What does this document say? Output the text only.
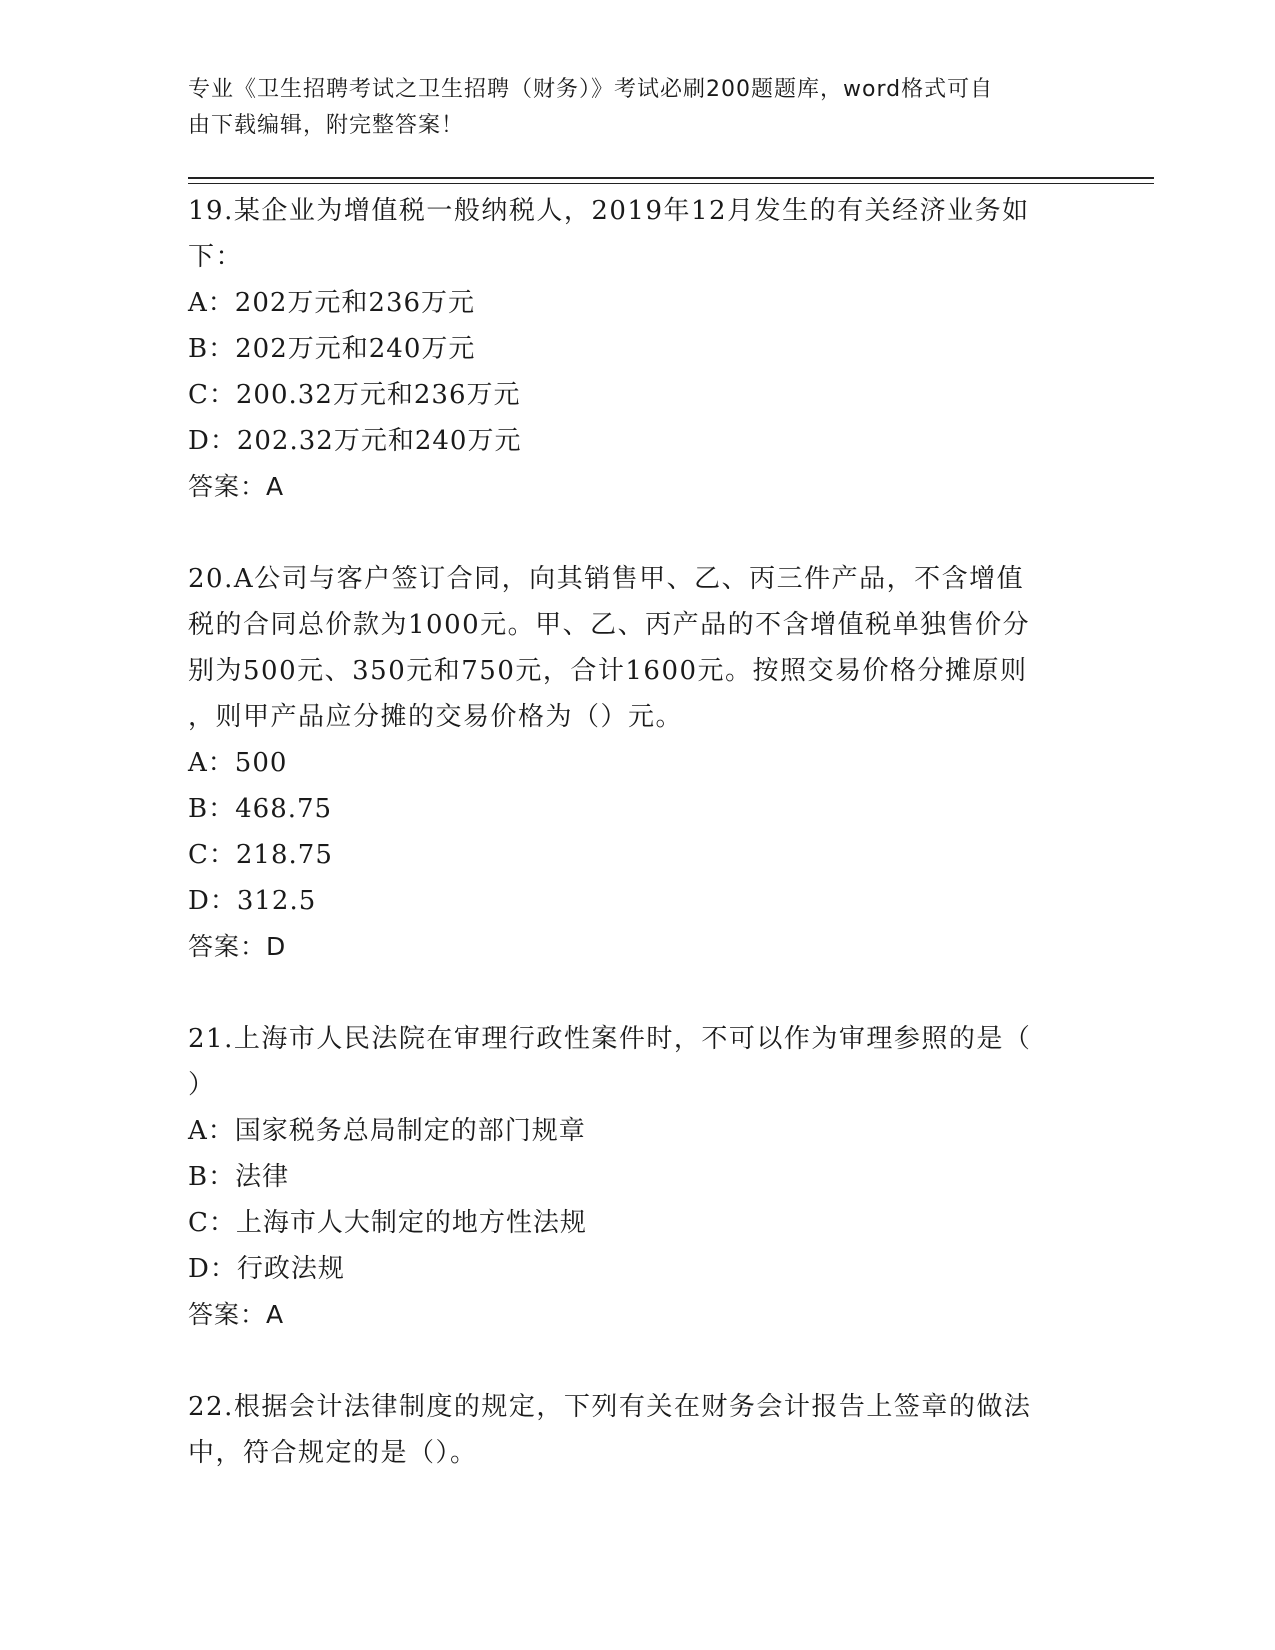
专业《卫生招聘考试之卫生招聘（财务）》考试必刷200题题库，word格式可自
由下载编辑，附完整答案！
19.某企业为增值税一般纳税人，2019年12月发生的有关经济业务如
下：
A：202万元和236万元
B：202万元和240万元
C：200.32万元和236万元
D：202.32万元和240万元
答案：A
20.A公司与客户签订合同，向其销售甲、乙、丙三件产品，不含增值
税的合同总价款为1000元。甲、乙、丙产品的不含增值税单独售价分
别为500元、350元和750元，合计1600元。按照交易价格分摊原则
，则甲产品应分摊的交易价格为（）元。
A：500
B：468.75
C：218.75
D：312.5
答案：D
21.上海市人民法院在审理行政性案件时，不可以作为审理参照的是（
）
A：国家税务总局制定的部门规章
B：法律
C：上海市人大制定的地方性法规
D：行政法规
答案：A
22.根据会计法律制度的规定，下列有关在财务会计报告上签章的做法
中，符合规定的是（）。
